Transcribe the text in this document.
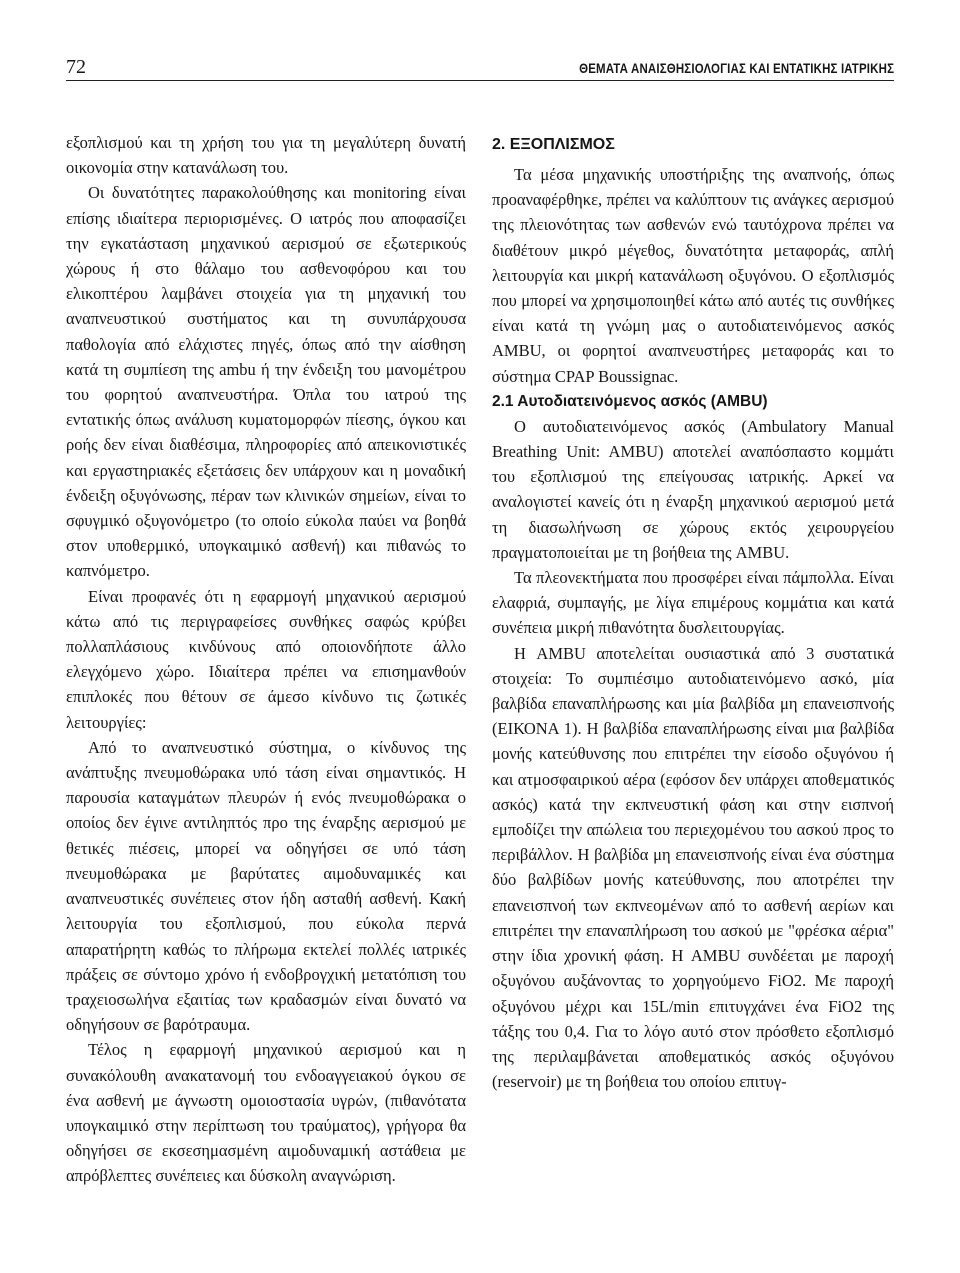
72	ΘΕΜΑΤΑ ΑΝΑΙΣΘΗΣΙΟΛΟΓΙΑΣ ΚΑΙ ΕΝΤΑΤΙΚΗΣ ΙΑΤΡΙΚΗΣ

εξοπλισμού και τη χρήση του για τη μεγαλύτερη δυνατή οικονομία στην κατανάλωση του.

Οι δυνατότητες παρακολούθησης και monitoring είναι επίσης ιδιαίτερα περιορισμένες. Ο ιατρός που αποφασίζει την εγκατάσταση μηχανικού αερισμού σε εξωτερικούς χώρους ή στο θάλαμο του ασθενοφόρου και του ελικοπτέρου λαμβάνει στοιχεία για τη μηχανική του αναπνευστικού συστήματος και τη συνυπάρχουσα παθολογία από ελάχιστες πηγές, όπως από την αίσθηση κατά τη συμπίεση της ambu ή την ένδειξη του μανομέτρου του φορητού αναπνευστήρα. Όπλα του ιατρού της εντατικής όπως ανάλυση κυματομορφών πίεσης, όγκου και ροής δεν είναι διαθέσιμα, πληροφορίες από απεικονιστικές και εργαστηριακές εξετάσεις δεν υπάρχουν και η μοναδική ένδειξη οξυγόνωσης, πέραν των κλινικών σημείων, είναι το σφυγμικό οξυγονόμετρο (το οποίο εύκολα παύει να βοηθά στον υποθερμικό, υπογκαιμικό ασθενή) και πιθανώς το καπνόμετρο.

Είναι προφανές ότι η εφαρμογή μηχανικού αερισμού κάτω από τις περιγραφείσες συνθήκες σαφώς κρύβει πολλαπλάσιους κινδύνους από οποιονδήποτε άλλο ελεγχόμενο χώρο. Ιδιαίτερα πρέπει να επισημανθούν επιπλοκές που θέτουν σε άμεσο κίνδυνο τις ζωτικές λειτουργίες:

Από το αναπνευστικό σύστημα, ο κίνδυνος της ανάπτυξης πνευμοθώρακα υπό τάση είναι σημαντικός. Η παρουσία καταγμάτων πλευρών ή ενός πνευμοθώρακα ο οποίος δεν έγινε αντιληπτός προ της έναρξης αερισμού με θετικές πιέσεις, μπορεί να οδηγήσει σε υπό τάση πνευμοθώρακα με βαρύτατες αιμοδυναμικές και αναπνευστικές συνέπειες στον ήδη ασταθή ασθενή. Κακή λειτουργία του εξοπλισμού, που εύκολα περνά απαρατήρητη καθώς το πλήρωμα εκτελεί πολλές ιατρικές πράξεις σε σύντομο χρόνο ή ενδοβρογχική μετατόπιση του τραχειοσωλήνα εξαιτίας των κραδασμών είναι δυνατό να οδηγήσουν σε βαρότραυμα.

Τέλος η εφαρμογή μηχανικού αερισμού και η συνακόλουθη ανακατανομή του ενδοαγγειακού όγκου σε ένα ασθενή με άγνωστη ομοιοστασία υγρών, (πιθανότατα υπογκαιμικό στην περίπτωση του τραύματος), γρήγορα θα οδηγήσει σε εκσεσημασμένη αιμοδυναμική αστάθεια με απρόβλεπτες συνέπειες και δύσκολη αναγνώριση.

2. ΕΞΟΠΛΙΣΜΟΣ

Τα μέσα μηχανικής υποστήριξης της αναπνοής, όπως προαναφέρθηκε, πρέπει να καλύπτουν τις ανάγκες αερισμού της πλειονότητας των ασθενών ενώ ταυτόχρονα πρέπει να διαθέτουν μικρό μέγεθος, δυνατότητα μεταφοράς, απλή λειτουργία και μικρή κατανάλωση οξυγόνου. Ο εξοπλισμός που μπορεί να χρησιμοποιηθεί κάτω από αυτές τις συνθήκες είναι κατά τη γνώμη μας ο αυτοδιατεινόμενος ασκός AMBU, οι φορητοί αναπνευστήρες μεταφοράς και το σύστημα CPAP Boussignac.

2.1 Αυτοδιατεινόμενος ασκός (AMBU)

Ο αυτοδιατεινόμενος ασκός (Ambulatory Manual Breathing Unit: AMBU) αποτελεί αναπόσπαστο κομμάτι του εξοπλισμού της επείγουσας ιατρικής. Αρκεί να αναλογιστεί κανείς ότι η έναρξη μηχανικού αερισμού μετά τη διασωλήνωση σε χώρους εκτός χειρουργείου πραγματοποιείται με τη βοήθεια της AMBU.

Τα πλεονεκτήματα που προσφέρει είναι πάμπολλα. Είναι ελαφριά, συμπαγής, με λίγα επιμέρους κομμάτια και κατά συνέπεια μικρή πιθανότητα δυσλειτουργίας.

Η AMBU αποτελείται ουσιαστικά από 3 συστατικά στοιχεία: Το συμπιέσιμο αυτοδιατεινόμενο ασκό, μία βαλβίδα επαναπλήρωσης και μία βαλβίδα μη επανεισπνοής (ΕΙΚΟΝΑ 1). Η βαλβίδα επαναπλήρωσης είναι μια βαλβίδα μονής κατεύθυνσης που επιτρέπει την είσοδο οξυγόνου ή και ατμοσφαιρικού αέρα (εφόσον δεν υπάρχει αποθεματικός ασκός) κατά την εκπνευστική φάση και στην εισπνοή εμποδίζει την απώλεια του περιεχομένου του ασκού προς το περιβάλλον. Η βαλβίδα μη επανεισπνοής είναι ένα σύστημα δύο βαλβίδων μονής κατεύθυνσης, που αποτρέπει την επανεισπνοή των εκπνεομένων από το ασθενή αερίων και επιτρέπει την επαναπλήρωση του ασκού με "φρέσκα αέρια" στην ίδια χρονική φάση. Η AMBU συνδέεται με παροχή οξυγόνου αυξάνοντας το χορηγούμενο FiO2. Με παροχή οξυγόνου μέχρι και 15L/min επιτυγχάνει ένα FiO2 της τάξης του 0,4. Για το λόγο αυτό στον πρόσθετο εξοπλισμό της περιλαμβάνεται αποθεματικός ασκός οξυγόνου (reservoir) με τη βοήθεια του οποίου επιτυγ-
